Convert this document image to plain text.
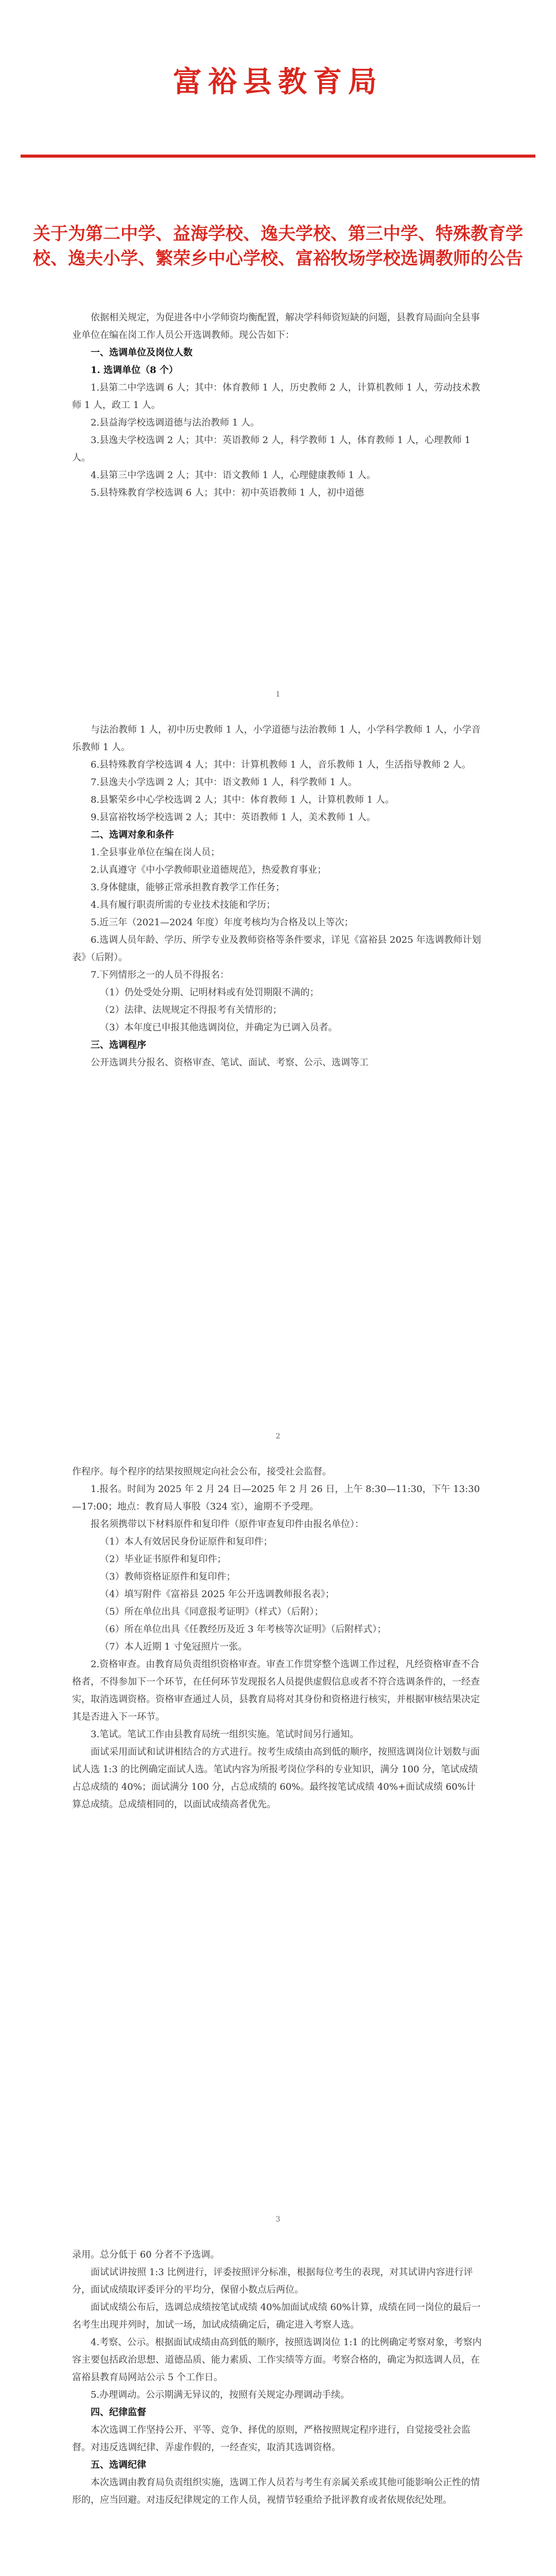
富裕县教育局
关于为第二中学、益海学校、逸夫学校、第三中学、特殊教育学校、逸夫小学、繁荣乡中心学校、富裕牧场学校选调教师的公告

依据相关规定，为促进各中小学师资均衡配置，解决学科师资短缺的问题，县教育局面向全县事业单位在编在岗工作人员公开选调教师。现公告如下：

一、选调单位及岗位人数

1. 选调单位（8 个）

1.县第二中学选调 6 人；其中：体育教师 1 人，历史教师 2 人，计算机教师 1 人，劳动技术教师 1 人，政工 1 人。

2.县益海学校选调道德与法治教师 1 人。

3.县逸夫学校选调 2 人；其中：英语教师 2 人，科学教师 1 人，体育教师 1 人，心理教师 1 人。

4.县第三中学选调 2 人；其中：语文教师 1 人，心理健康教师 1 人。

5.县特殊教育学校选调 6 人；其中：初中英语教师 1 人，初中道德

1

与法治教师 1 人，初中历史教师 1 人，小学道德与法治教师 1 人，小学科学教师 1 人，小学音乐教师 1 人。

6.县特殊教育学校选调 4 人；其中：计算机教师 1 人，音乐教师 1 人，生活指导教师 2 人。

7.县逸夫小学选调 2 人；其中：语文教师 1 人，科学教师 1 人。

8.县繁荣乡中心学校选调 2 人；其中：体育教师 1 人，计算机教师 1 人。

9.县富裕牧场学校选调 2 人；其中：英语教师 1 人，美术教师 1 人。

二、选调对象和条件

1.全县事业单位在编在岗人员；

2.认真遵守《中小学教师职业道德规范》，热爱教育事业；

3.身体健康，能够正常承担教育教学工作任务；

4.具有履行职责所需的专业技术技能和学历；

5.近三年（2021—2024 年度）年度考核均为合格及以上等次；

6.选调人员年龄、学历、所学专业及教师资格等条件要求，详见《富裕县 2025 年选调教师计划表》（后附）。

7.下列情形之一的人员不得报名：

（1）仍处受处分期、记明材料或有处罚期限不满的；

（2）法律、法规规定不得报考有关情形的；

（3）本年度已申报其他选调岗位，并确定为已调入员者。

三、选调程序

公开选调共分报名、资格审查、笔试、面试、考察、公示、选调等工

2

作程序。每个程序的结果按照规定向社会公布，接受社会监督。

1.报名。时间为 2025 年 2 月 24 日—2025 年 2 月 26 日，上午 8:30—11:30，下午 13:30—17:00；地点：教育局人事股（324 室），逾期不予受理。

报名须携带以下材料原件和复印件（原件审查复印件由报名单位）：

（1）本人有效居民身份证原件和复印件；

（2）毕业证书原件和复印件；

（3）教师资格证原件和复印件；

（4）填写附件《富裕县 2025 年公开选调教师报名表》；

（5）所在单位出具《同意报考证明》（样式）（后附）；

（6）所在单位出具《任教经历及近 3 年考核等次证明》（后附样式）；

（7）本人近期 1 寸免冠照片一张。

2.资格审查。由教育局负责组织资格审查。审查工作贯穿整个选调工作过程，凡经资格审查不合格者，不得参加下一个环节，在任何环节发现报名人员提供虚假信息或者不符合选调条件的，一经查实，取消选调资格。资格审查通过人员，县教育局将对其身份和资格进行核实，并根据审核结果决定其是否进入下一环节。

3.笔试。笔试工作由县教育局统一组织实施。笔试时间另行通知。

面试采用面试和试讲相结合的方式进行。按考生成绩由高到低的顺序，按照选调岗位计划数与面试人选 1:3 的比例确定面试人选。笔试内容为所报考岗位学科的专业知识，满分 100 分，笔试成绩占总成绩的 40%；面试满分 100 分，占总成绩的 60%。最终按笔试成绩 40%+面试成绩 60%计算总成绩。总成绩相同的，以面试成绩高者优先。

3

录用。总分低于 60 分者不予选调。

面试试讲按照 1:3 比例进行，评委按照评分标准，根据每位考生的表现，对其试讲内容进行评分，面试成绩取评委评分的平均分，保留小数点后两位。

面试成绩公布后，选调总成绩按笔试成绩 40%加面试成绩 60%计算，成绩在同一岗位的最后一名考生出现并列时，加试一场，加试成绩确定后，确定进入考察人选。

4.考察、公示。根据面试成绩由高到低的顺序，按照选调岗位 1:1 的比例确定考察对象，考察内容主要包括政治思想、道德品质、能力素质、工作实绩等方面。考察合格的，确定为拟选调人员，在富裕县教育局网站公示 5 个工作日。

5.办理调动。公示期满无异议的，按照有关规定办理调动手续。

四、纪律监督

本次选调工作坚持公开、平等、竞争、择优的原则，严格按照规定程序进行，自觉接受社会监督。对违反选调纪律、弄虚作假的，一经查实，取消其选调资格。

五、选调纪律

本次选调由教育局负责组织实施，选调工作人员若与考生有亲属关系或其他可能影响公正性的情形的，应当回避。对违反纪律规定的工作人员，视情节轻重给予批评教育或者依规依纪处理。
